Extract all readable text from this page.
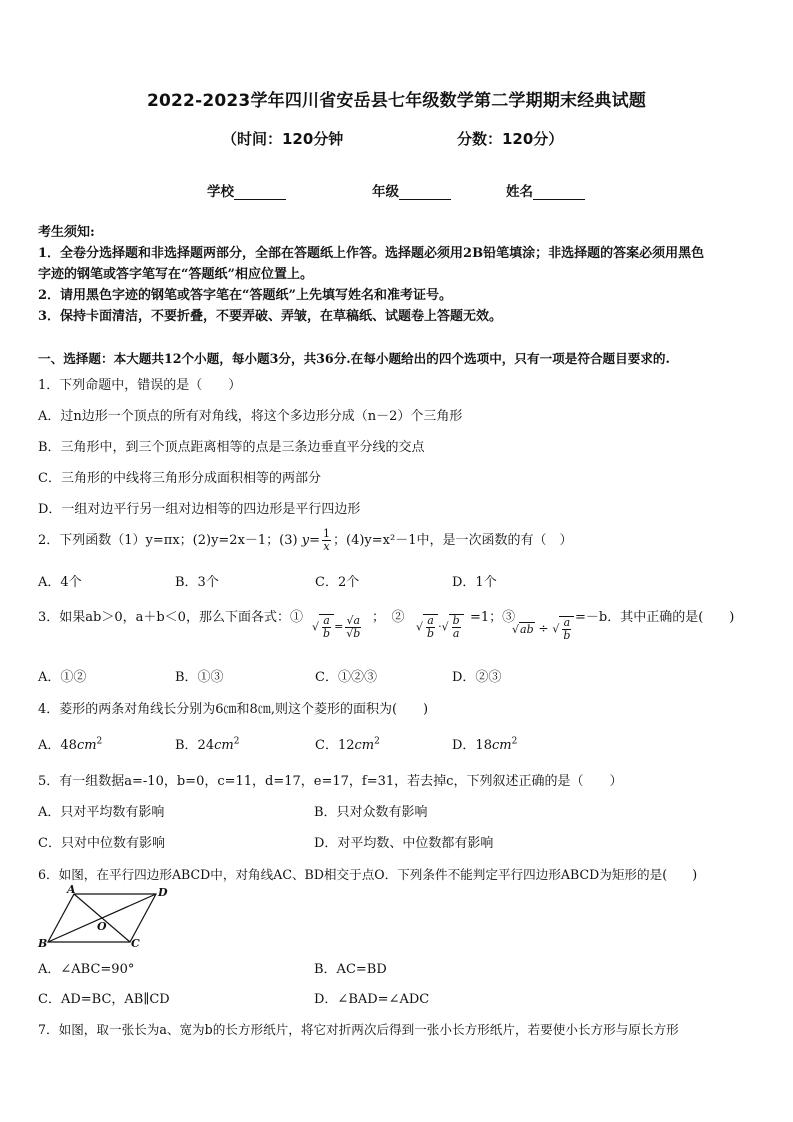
2022-2023学年四川省安岳县七年级数学第二学期期末经典试题
（时间：120分钟	分数：120分）
学校	年级	姓名
考生须知:
1．全卷分选择题和非选择题两部分，全部在答题纸上作答。选择题必须用2B铅笔填涂；非选择题的答案必须用黑色
字迹的钢笔或答字笔写在“答题纸”相应位置上。
2．请用黑色字迹的钢笔或答字笔在“答题纸”上先填写姓名和准考证号。
3．保持卡面清洁，不要折叠，不要弄破、弄皱，在草稿纸、试题卷上答题无效。
一、选择题：本大题共12个小题，每小题3分，共36分.在每小题给出的四个选项中，只有一项是符合题目要求的.
1．下列命题中，错误的是（　　）
A．过n边形一个顶点的所有对角线，将这个多边形分成（n－2）个三角形
B．三角形中，到三个顶点距离相等的点是三条边垂直平分线的交点
C．三角形的中线将三角形分成面积相等的两部分
D．一组对边平行另一组对边相等的四边形是平行四边形
2．下列函数（1）y=πx；(2)y=2x－1；(3) $y= \frac{1}{x}$ ；(4)y=x²－1中，是一次函数的有（　）
A．4个	B．3个	C．2个	D．1个
3．如果ab＞0，a＋b＜0，那么下面各式：①
√ $\frac{a}{b} = \frac{√a}{√b}$ ；　②
√ $\frac{a}{b}$ ·√ $\frac{b}{a} =1$；③
√ab ÷ √ $\frac{a}{b} =-b$．其中正确的是(　　)
A．①②	B．①③	C．①②③	D．②③
4．菱形的两条对角线长分别为6㎝和8㎝,则这个菱形的面积为(　　)
A．$48cm^2$	B．$24cm^2$	C．$12cm^2$	D．$18cm^2$
5．有一组数据a=-10，b=0，c=11，d=17，e=17，f=31，若去掉c，下列叙述正确的是（　　）
A．只对平均数有影响	B．只对众数有影响
C．只对中位数有影响	D．对平均数、中位数都有影响
6．如图，在平行四边形ABCD中，对角线AC、BD相交于点O．下列条件不能判定平行四边形ABCD为矩形的是(　　)
A	D
B	C
O
A．∠ABC=90°	B．AC=BD
C．AD=BC，AB∥CD	D．∠BAD=∠ADC
7．如图，取一张长为a、宽为b的长方形纸片，将它对折两次后得到一张小长方形纸片，若要使小长方形与原长方形
